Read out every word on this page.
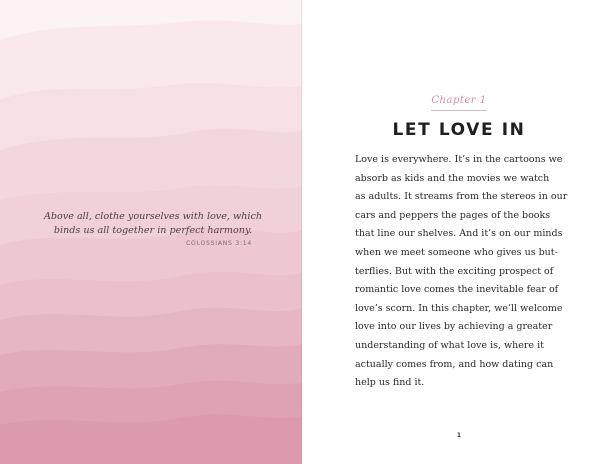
Above all, clothe yourselves with love, which
binds us all together in perfect harmony.

COLOSSIANS 3:14
Chapter 1
LET LOVE IN

Love is everywhere. It’s in the cartoons we
absorb as kids and the movies we watch
as adults. It streams from the stereos in our
cars and peppers the pages of the books
that line our shelves. And it’s on our minds
when we meet someone who gives us but-
terflies. But with the exciting prospect of
romantic love comes the inevitable fear of
love’s scorn. In this chapter, we’ll welcome
love into our lives by achieving a greater
understanding of what love is, where it
actually comes from, and how dating can
help us find it.

1
